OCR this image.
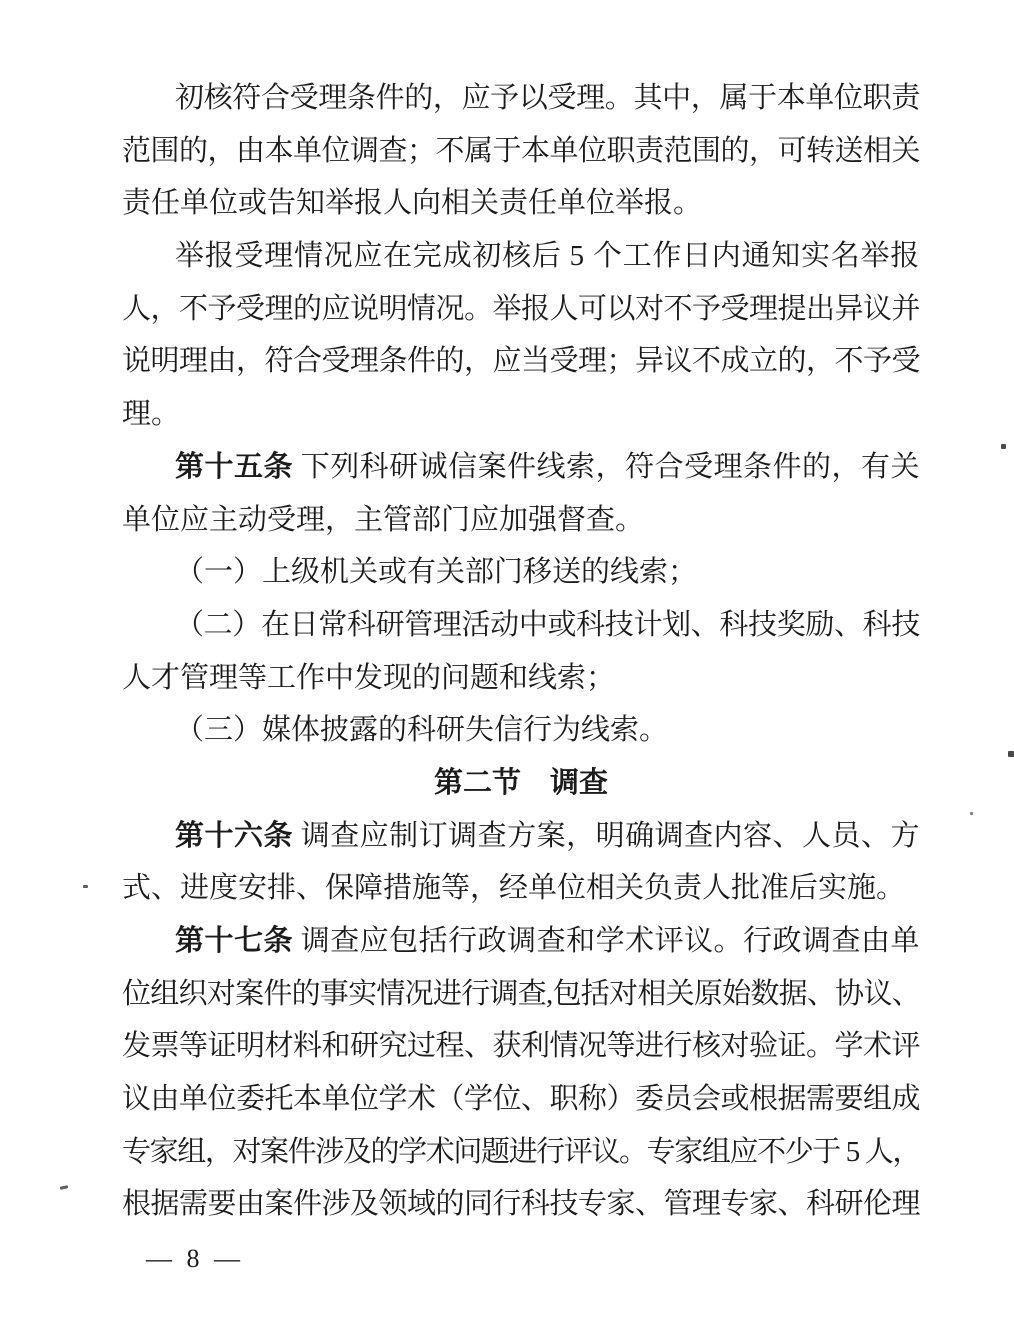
初核符合受理条件的，应予以受理。其中，属于本单位职责
范围的，由本单位调查；不属于本单位职责范围的，可转送相关
责任单位或告知举报人向相关责任单位举报。
举报受理情况应在完成初核后 5 个工作日内通知实名举报
人，不予受理的应说明情况。举报人可以对不予受理提出异议并
说明理由，符合受理条件的，应当受理；异议不成立的，不予受
理。
第十五条 下列科研诚信案件线索，符合受理条件的，有关
单位应主动受理，主管部门应加强督查。
（一）上级机关或有关部门移送的线索；
（二）在日常科研管理活动中或科技计划、科技奖励、科技
人才管理等工作中发现的问题和线索；
（三）媒体披露的科研失信行为线索。
第二节　调查
第十六条 调查应制订调查方案，明确调查内容、人员、方
式、进度安排、保障措施等，经单位相关负责人批准后实施。
第十七条 调查应包括行政调查和学术评议。行政调查由单
位组织对案件的事实情况进行调查,包括对相关原始数据、协议、
发票等证明材料和研究过程、获利情况等进行核对验证。学术评
议由单位委托本单位学术（学位、职称）委员会或根据需要组成
专家组，对案件涉及的学术问题进行评议。专家组应不少于 5 人，
根据需要由案件涉及领域的同行科技专家、管理专家、科研伦理
— 8 —
